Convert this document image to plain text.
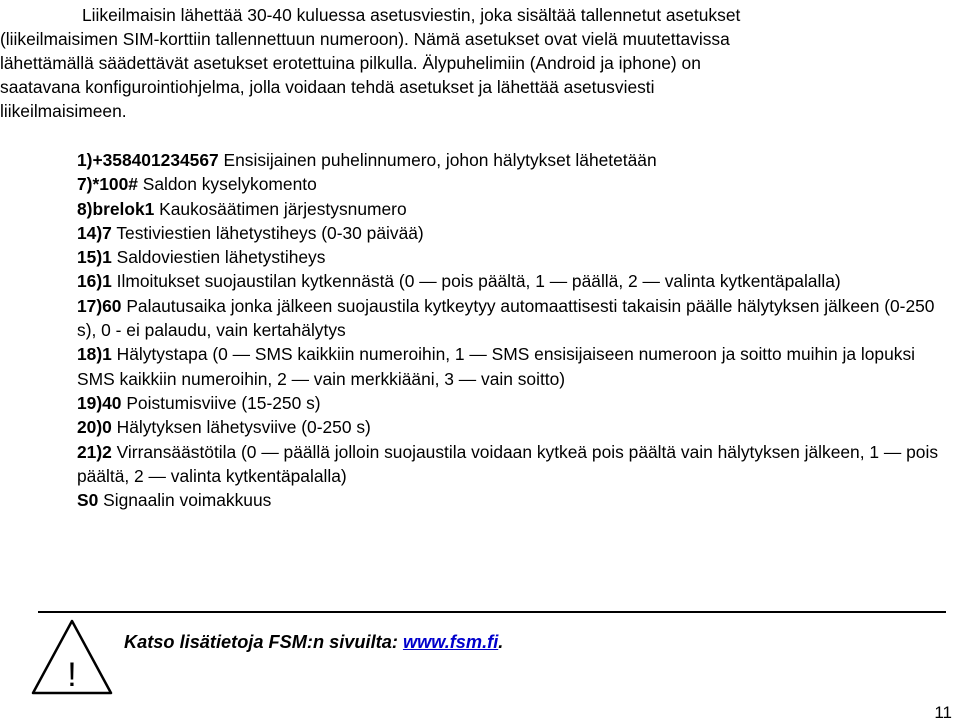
Liikeilmaisin lähettää 30-40 kuluessa asetusviestin, joka sisältää tallennetut asetukset
(liikeilmaisimen SIM-korttiin tallennettuun numeroon). Nämä asetukset ovat vielä muutettavissa
lähettämällä säädettävät asetukset erotettuina pilkulla. Älypuhelimiin (Android ja iphone) on
saatavana konfigurointiohjelma, jolla voidaan tehdä asetukset ja lähettää asetusviesti
liikeilmaisimeen.

1)+358401234567 Ensisijainen puhelinnumero, johon hälytykset lähetetään

7)*100# Saldon kyselykomento

8)brelok1 Kaukosäätimen järjestysnumero

14)7 Testiviestien lähetystiheys (0-30 päivää)

15)1 Saldoviestien lähetystiheys

16)1 Ilmoitukset suojaustilan kytkennästä (0 — pois päältä, 1 — päällä, 2 — valinta kytkentäpalalla)

17)60 Palautusaika jonka jälkeen suojaustila kytkeytyy automaattisesti takaisin päälle hälytyksen jälkeen (0-250 s), 0 - ei palaudu, vain kertahälytys

18)1 Hälytystapa (0 — SMS kaikkiin numeroihin, 1 — SMS ensisijaiseen numeroon ja soitto muihin ja lopuksi SMS kaikkiin numeroihin, 2 — vain merkkiääni, 3 — vain soitto)

19)40 Poistumisviive (15-250 s)

20)0 Hälytyksen lähetysviive (0-250 s)

21)2 Virransäästötila (0 — päällä jolloin suojaustila voidaan kytkeä pois päältä vain hälytyksen jälkeen, 1 — pois päältä, 2 — valinta kytkentäpalalla)

S0 Signaalin voimakkuus

!
Katso lisätietoja FSM:n sivuilta: www.fsm.fi.
11
